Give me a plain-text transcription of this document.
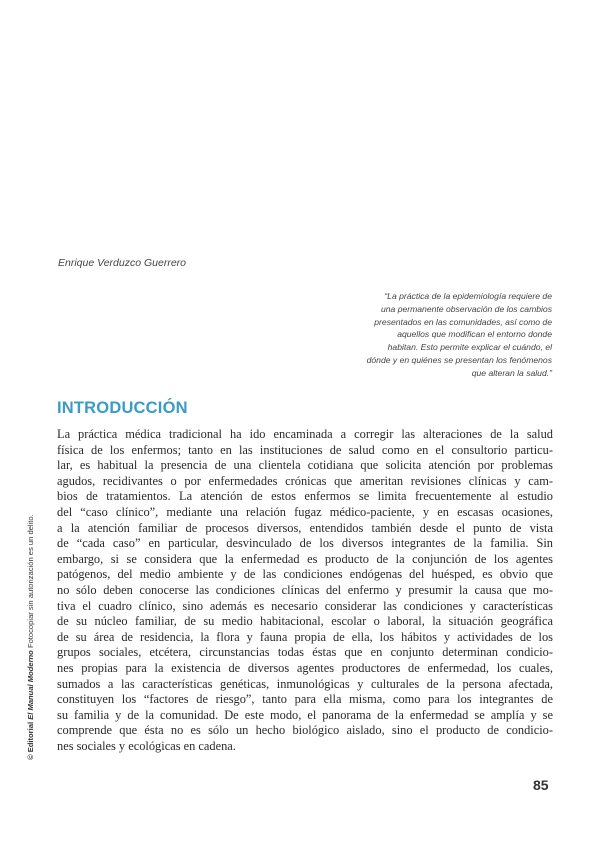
Enrique Verduzco Guerrero
“La práctica de la epidemiología requiere de
una permanente observación de los cambios
presentados en las comunidades, así como de
aquellos que modifican el entorno donde
habitan. Esto permite explicar el cuándo, el
dónde y en quiénes se presentan los fenómenos
que alteran la salud.”
INTRODUCCIÓN
La práctica médica tradicional ha ido encaminada a corregir las alteraciones de la salud
física de los enfermos; tanto en las instituciones de salud como en el consultorio particu-
lar, es habitual la presencia de una clientela cotidiana que solicita atención por problemas
agudos, recidivantes o por enfermedades crónicas que ameritan revisiones clínicas y cam-
bios de tratamientos. La atención de estos enfermos se limita frecuentemente al estudio
del “caso clínico”, mediante una relación fugaz médico-paciente, y en escasas ocasiones,
a la atención familiar de procesos diversos, entendidos también desde el punto de vista
de “cada caso” en particular, desvinculado de los diversos integrantes de la familia. Sin
embargo, si se considera que la enfermedad es producto de la conjunción de los agentes
patógenos, del medio ambiente y de las condiciones endógenas del huésped, es obvio que
no sólo deben conocerse las condiciones clínicas del enfermo y presumir la causa que mo-
tiva el cuadro clínico, sino además es necesario considerar las condiciones y características
de su núcleo familiar, de su medio habitacional, escolar o laboral, la situación geográfica
de su área de residencia, la flora y fauna propia de ella, los hábitos y actividades de los
grupos sociales, etcétera, circunstancias todas éstas que en conjunto determinan condicio-
nes propias para la existencia de diversos agentes productores de enfermedad, los cuales,
sumados a las características genéticas, inmunológicas y culturales de la persona afectada,
constituyen los “factores de riesgo”, tanto para ella misma, como para los integrantes de
su familia y de la comunidad. De este modo, el panorama de la enfermedad se amplía y se
comprende que ésta no es sólo un hecho biológico aislado, sino el producto de condicio-
nes sociales y ecológicas en cadena.
© Editorial El Manual Moderno Fotocopiar sin autorización es un delito.
85
